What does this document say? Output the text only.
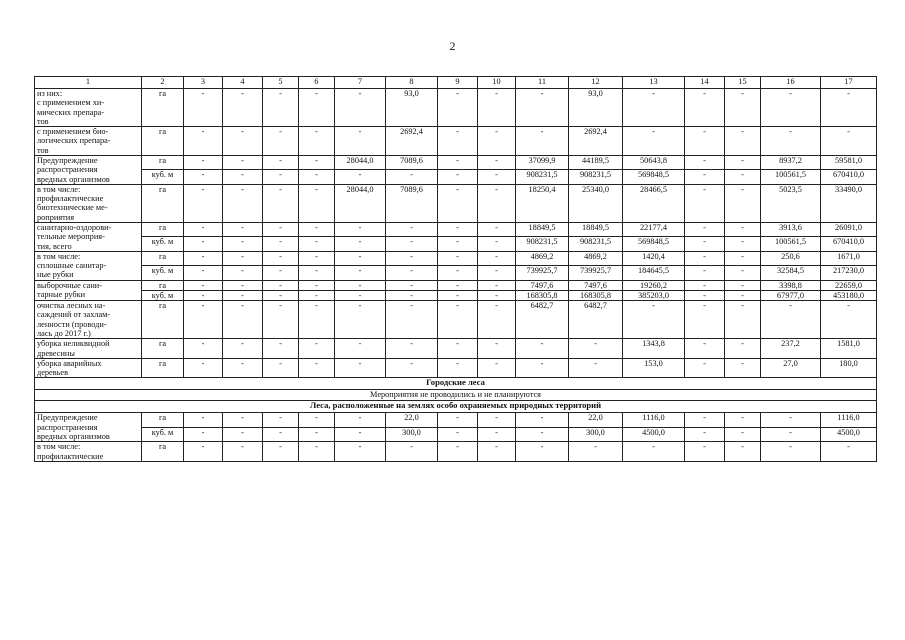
2
1	2	3	4	5	6	7	8	9	10	11	12	13	14	15	16	17
из них:
с применением хи-
мических препара-
тов	га	-	-	-	-	-	93,0	-	-	-	93,0	-	-	-	-	-
с применением био-
логических препара-
тов	га	-	-	-	-	-	2692,4	-	-	-	2692,4	-	-	-	-	-
Предупреждение
распространения
вредных организмов	га	-	-	-	-	28044,0	7089,6	-	-	37099,9	44189,5	50643,8	-	-	8937,2	59581,0
	куб. м	-	-	-	-	-	-	-	-	908231,5	908231,5	569848,5	-	-	100561,5	670410,0
в том числе:
профилактические
биотехнические ме-
роприятия	га	-	-	-	-	28044,0	7089,6	-	-	18250,4	25340,0	28466,5	-	-	5023,5	33490,0
санитарно-оздорови-
тельные мероприя-
тия, всего	га	-	-	-	-	-	-	-	-	18849,5	18849,5	22177,4	-	-	3913,6	26091,0
	куб. м	-	-	-	-	-	-	-	-	908231,5	908231,5	569848,5	-	-	100561,5	670410,0
в том числе:
сплошные санитар-
ные рубки	га	-	-	-	-	-	-	-	-	4869,2	4869,2	1420,4	-	-	250,6	1671,0
	куб. м	-	-	-	-	-	-	-	-	739925,7	739925,7	184645,5	-	-	32584,5	217230,0
выборочные сани-
тарные рубки	га	-	-	-	-	-	-	-	-	7497,6	7497,6	19260,2	-	-	3398,8	22659,0
	куб. м	-	-	-	-	-	-	-	-	168305,8	168305,8	385203,0	-	-	67977,0	453180,0
очистка лесных на-
саждений от захлам-
ленности (проводи-
лась до 2017 г.)	га	-	-	-	-	-	-	-	-	6482,7	6482,7	-	-	-	-	-
уборка неликвидной
древесины	га	-	-	-	-	-	-	-	-	-	-	1343,8	-	-	237,2	1581,0
уборка аварийных
деревьев	га	-	-	-	-	-	-	-	-	-	-	153,0	-	-	27,0	180,0
Городские леса																
Мероприятия не проводились и не планируются																
Леса, расположенные на землях особо охраняемых природных территорий																
Предупреждение
распространения
вредных организмов	га	-	-	-	-	-	22,0	-	-	-	22,0	1116,0	-	-	-	1116,0
	куб. м	-	-	-	-	-	300,0	-	-	-	300,0	4500,0	-	-	-	4500,0
в том числе:
профилактические	га	-	-	-	-	-	-	-	-	-	-	-	-	-	-	-
